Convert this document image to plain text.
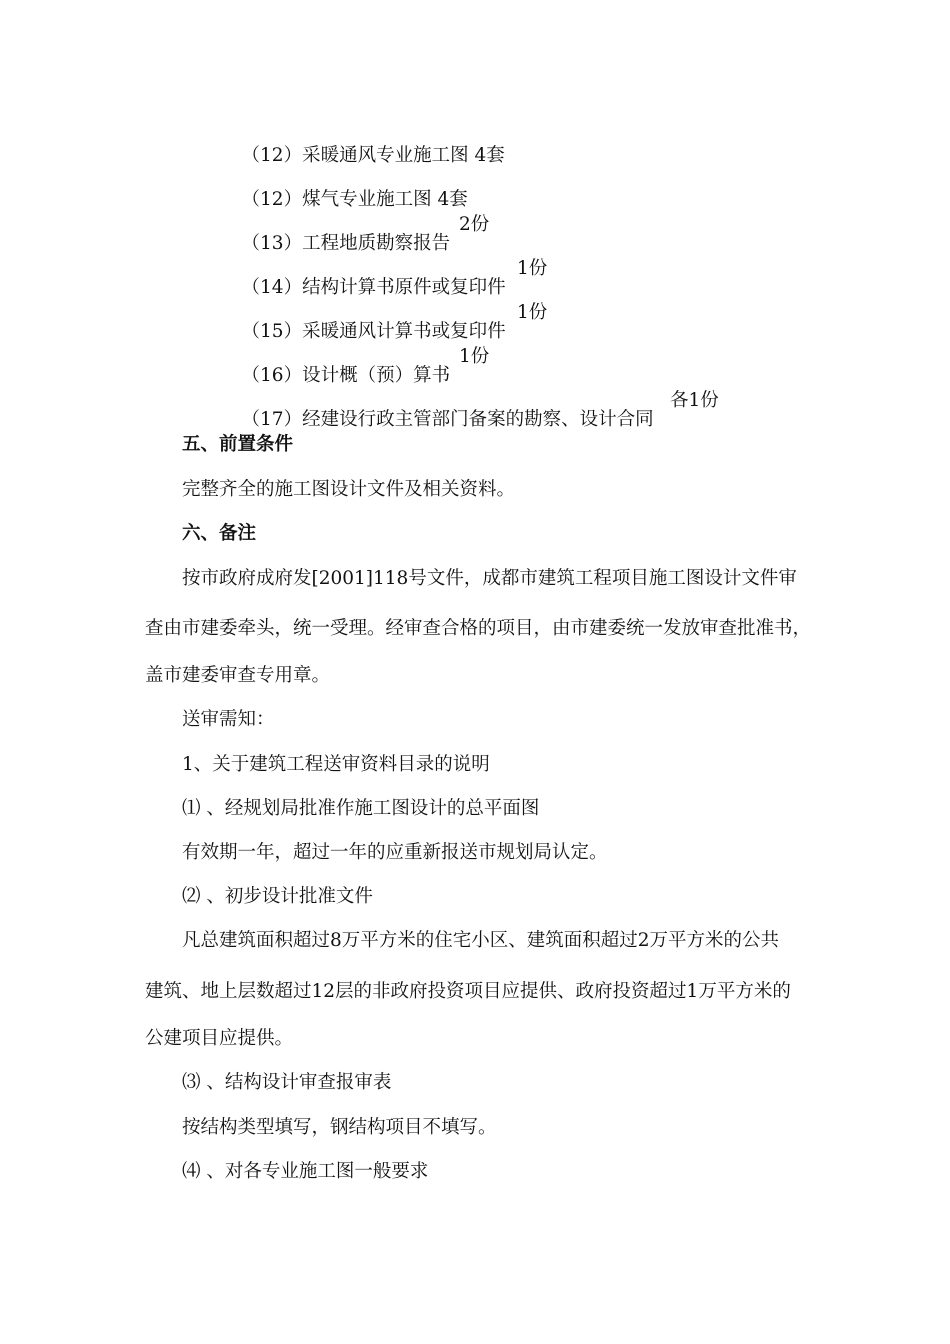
（12）采暖通风专业施工图 4套

（12）煤气专业施工图 4套

（13）工程地质勘察报告

2份

（14）结构计算书原件或复印件

1份

（15）采暖通风计算书或复印件

1份

（16）设计概（预）算书

1份

（17）经建设行政主管部门备案的勘察、设计合同

各1份
五、前置条件
完整齐全的施工图设计文件及相关资料。
六、备注
按市政府成府发[2001]118号文件，成都市建筑工程项目施工图设计文件审
查由市建委牵头，统一受理。经审查合格的项目，由市建委统一发放审查批准书，
盖市建委审查专用章。
送审需知：
1、关于建筑工程送审资料目录的说明
⑴ 、经规划局批准作施工图设计的总平面图
有效期一年，超过一年的应重新报送市规划局认定。
⑵ 、初步设计批准文件
凡总建筑面积超过8万平方米的住宅小区、建筑面积超过2万平方米的公共
建筑、地上层数超过12层的非政府投资项目应提供、政府投资超过1万平方米的
公建项目应提供。
⑶ 、结构设计审查报审表
按结构类型填写，钢结构项目不填写。
⑷ 、对各专业施工图一般要求
